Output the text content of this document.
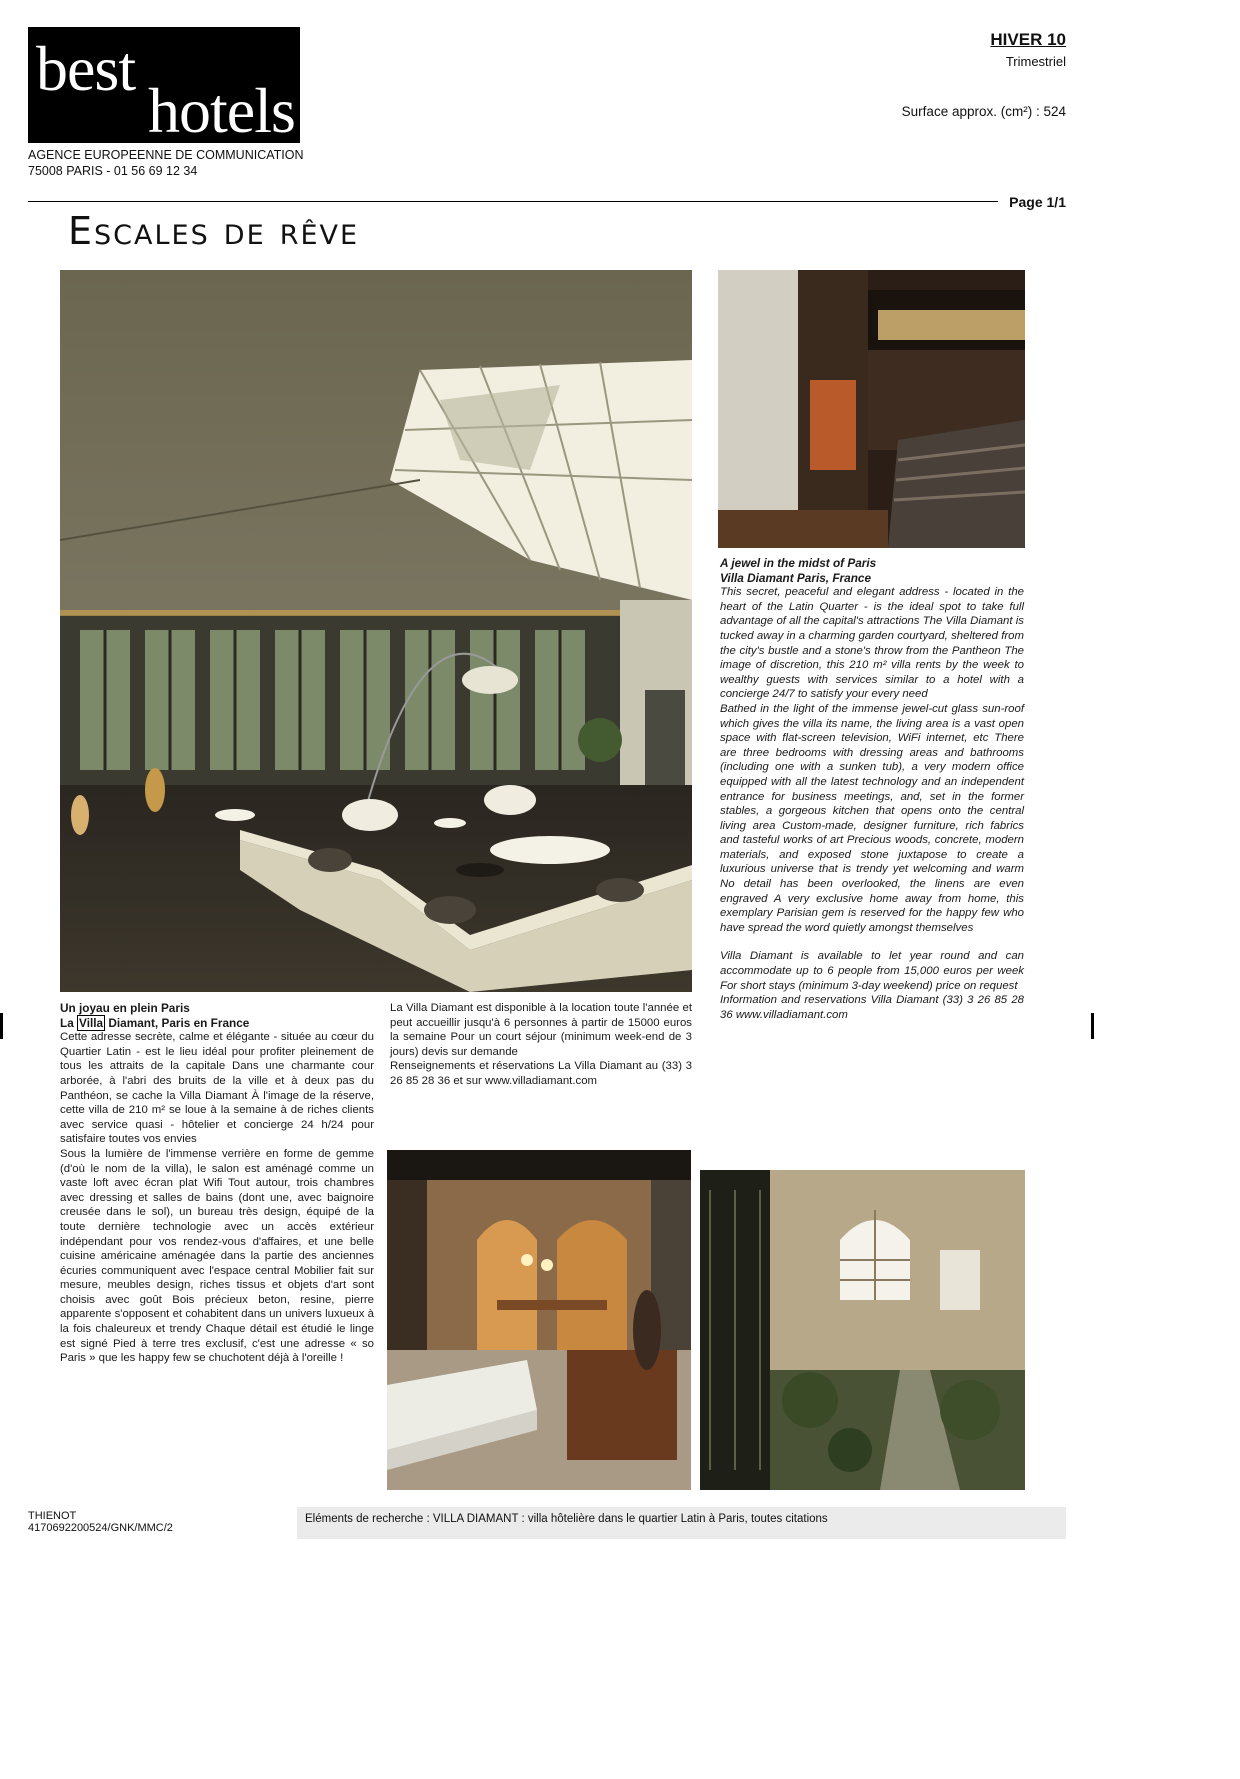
best
hotels
AGENCE EUROPEENNE DE COMMUNICATION
75008 PARIS - 01 56 69 12 34
HIVER 10
Trimestriel
Surface approx. (cm²) : 524
Page 1/1
Escales de rêve
Un joyau en plein Paris
La Villa Diamant, Paris en France

Cette adresse secrète, calme et élégante - située au cœur du Quartier Latin - est le lieu idéal pour profiter pleinement de tous les attraits de la capitale Dans une charmante cour arborée, à l'abri des bruits de la ville et à deux pas du Panthéon, se cache la Villa Diamant À l'image de la réserve, cette villa de 210 m² se loue à la semaine à de riches clients avec service quasi - hôtelier et concierge 24 h/24 pour satisfaire toutes vos envies

Sous la lumière de l'immense verrière en forme de gemme (d'où le nom de la villa), le salon est aménagé comme un vaste loft avec écran plat Wifi Tout autour, trois chambres avec dressing et salles de bains (dont une, avec baignoire creusée dans le sol), un bureau très design, équipé de la toute dernière technologie avec un accès extérieur indépendant pour vos rendez-vous d'affaires, et une belle cuisine américaine aménagée dans la partie des anciennes écuries communiquent avec l'espace central Mobilier fait sur mesure, meubles design, riches tissus et objets d'art sont choisis avec goût Bois précieux beton, resine, pierre apparente s'opposent et cohabitent dans un univers luxueux à la fois chaleureux et trendy Chaque détail est étudié le linge est signé Pied à terre tres exclusif, c'est une adresse « so Paris » que les happy few se chuchotent déjà à l'oreille !

La Villa Diamant est disponible à la location toute l'année et peut accueillir jusqu'à 6 personnes à partir de 15000 euros la semaine Pour un court séjour (minimum week-end de 3 jours) devis sur demande

Renseignements et réservations La Villa Diamant au (33) 3 26 85 28 36 et sur www.villadiamant.com

A jewel in the midst of Paris
Villa Diamant Paris, France

This secret, peaceful and elegant address - located in the heart of the Latin Quarter - is the ideal spot to take full advantage of all the capital's attractions The Villa Diamant is tucked away in a charming garden courtyard, sheltered from the city's bustle and a stone's throw from the Pantheon The image of discretion, this 210 m² villa rents by the week to wealthy guests with services similar to a hotel with a concierge 24/7 to satisfy your every need

Bathed in the light of the immense jewel-cut glass sun-roof which gives the villa its name, the living area is a vast open space with flat-screen television, WiFi internet, etc There are three bedrooms with dressing areas and bathrooms (including one with a sunken tub), a very modern office equipped with all the latest technology and an independent entrance for business meetings, and, set in the former stables, a gorgeous kitchen that opens onto the central living area Custom-made, designer furniture, rich fabrics and tasteful works of art Precious woods, concrete, modern materials, and exposed stone juxtapose to create a luxurious universe that is trendy yet welcoming and warm No detail has been overlooked, the linens are even engraved A very exclusive home away from home, this exemplary Parisian gem is reserved for the happy few who have spread the word quietly amongst themselves

Villa Diamant is available to let year round and can accommodate up to 6 people from 15,000 euros per week For short stays (minimum 3-day weekend) price on request

Information and reservations Villa Diamant (33) 3 26 85 28 36 www.villadiamant.com

THIENOT
4170692200524/GNK/MMC/2
Eléments de recherche : VILLA DIAMANT : villa hôtelière dans le quartier Latin à Paris, toutes citations
